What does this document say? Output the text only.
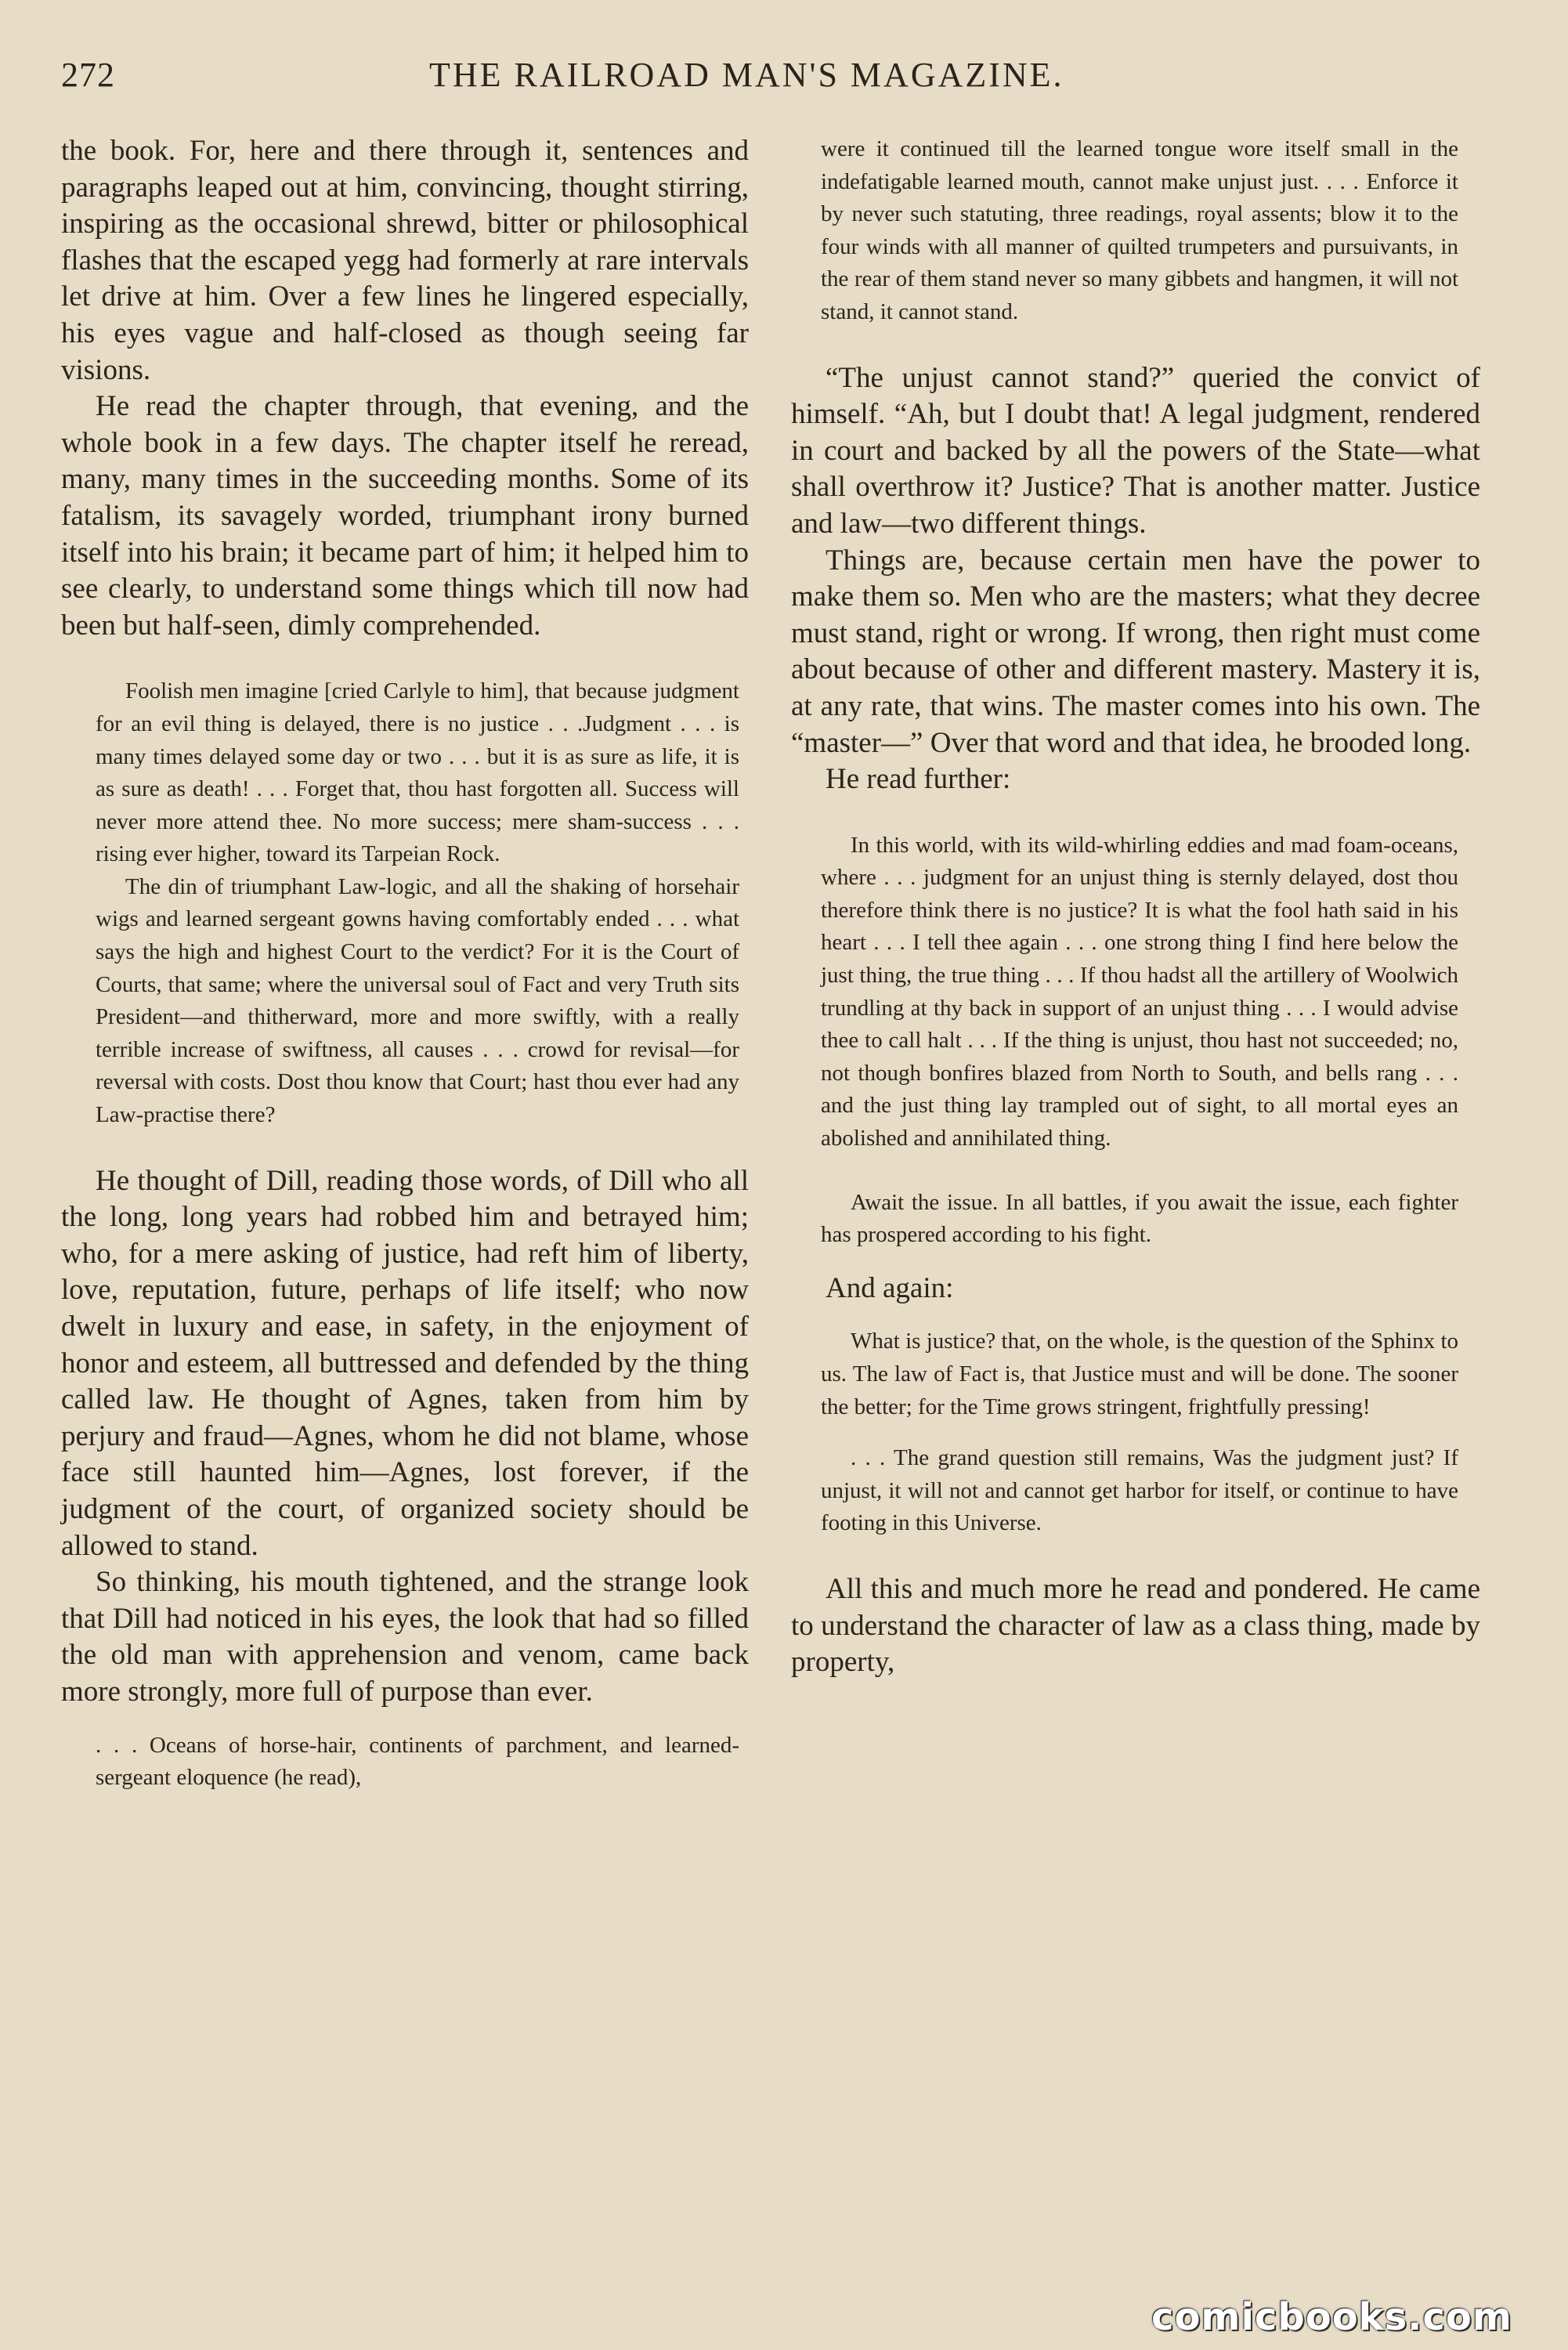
272	THE RAILROAD MAN'S MAGAZINE.

the book. For, here and there through it, sentences and paragraphs leaped out at him, convincing, thought stirring, inspiring as the occasional shrewd, bitter or philosophical flashes that the escaped yegg had formerly at rare intervals let drive at him. Over a few lines he lingered especially, his eyes vague and half-closed as though seeing far visions.

He read the chapter through, that evening, and the whole book in a few days. The chapter itself he reread, many, many times in the succeeding months. Some of its fatalism, its savagely worded, triumphant irony burned itself into his brain; it became part of him; it helped him to see clearly, to understand some things which till now had been but half-seen, dimly comprehended.

Foolish men imagine [cried Carlyle to him], that because judgment for an evil thing is delayed, there is no justice . . .Judgment . . . is many times delayed some day or two . . . but it is as sure as life, it is as sure as death! . . . Forget that, thou hast forgotten all. Success will never more attend thee. No more success; mere sham-success . . . rising ever higher, toward its Tarpeian Rock.

The din of triumphant Law-logic, and all the shaking of horsehair wigs and learned sergeant gowns having comfortably ended . . . what says the high and highest Court to the verdict? For it is the Court of Courts, that same; where the universal soul of Fact and very Truth sits President—and thitherward, more and more swiftly, with a really terrible increase of swiftness, all causes . . . crowd for revisal—for reversal with costs. Dost thou know that Court; hast thou ever had any Law-practise there?

He thought of Dill, reading those words, of Dill who all the long, long years had robbed him and betrayed him; who, for a mere asking of justice, had reft him of liberty, love, reputation, future, perhaps of life itself; who now dwelt in luxury and ease, in safety, in the enjoyment of honor and esteem, all buttressed and defended by the thing called law. He thought of Agnes, taken from him by perjury and fraud—Agnes, whom he did not blame, whose face still haunted him—Agnes, lost forever, if the judgment of the court, of organized society should be allowed to stand.

So thinking, his mouth tightened, and the strange look that Dill had noticed in his eyes, the look that had so filled the old man with apprehension and venom, came back more strongly, more full of purpose than ever.

. . . Oceans of horse-hair, continents of parchment, and learned-sergeant eloquence (he read),

were it continued till the learned tongue wore itself small in the indefatigable learned mouth, cannot make unjust just. . . . Enforce it by never such statuting, three readings, royal assents; blow it to the four winds with all manner of quilted trumpeters and pursuivants, in the rear of them stand never so many gibbets and hangmen, it will not stand, it cannot stand.

“The unjust cannot stand?” queried the convict of himself. “Ah, but I doubt that! A legal judgment, rendered in court and backed by all the powers of the State—what shall overthrow it? Justice? That is another matter. Justice and law—two different things.

Things are, because certain men have the power to make them so. Men who are the masters; what they decree must stand, right or wrong. If wrong, then right must come about because of other and different mastery. Mastery it is, at any rate, that wins. The master comes into his own. The “master—” Over that word and that idea, he brooded long.

He read further:

In this world, with its wild-whirling eddies and mad foam-oceans, where . . . judgment for an unjust thing is sternly delayed, dost thou therefore think there is no justice? It is what the fool hath said in his heart . . . I tell thee again . . . one strong thing I find here below the just thing, the true thing . . . If thou hadst all the artillery of Woolwich trundling at thy back in support of an unjust thing . . . I would advise thee to call halt . . . If the thing is unjust, thou hast not succeeded; no, not though bonfires blazed from North to South, and bells rang . . . and the just thing lay trampled out of sight, to all mortal eyes an abolished and annihilated thing.

Await the issue. In all battles, if you await the issue, each fighter has prospered according to his fight.

And again:

What is justice? that, on the whole, is the question of the Sphinx to us. The law of Fact is, that Justice must and will be done. The sooner the better; for the Time grows stringent, frightfully pressing!

. . . The grand question still remains, Was the judgment just? If unjust, it will not and cannot get harbor for itself, or continue to have footing in this Universe.

All this and much more he read and pondered. He came to understand the character of law as a class thing, made by property,

comicbooks.com
